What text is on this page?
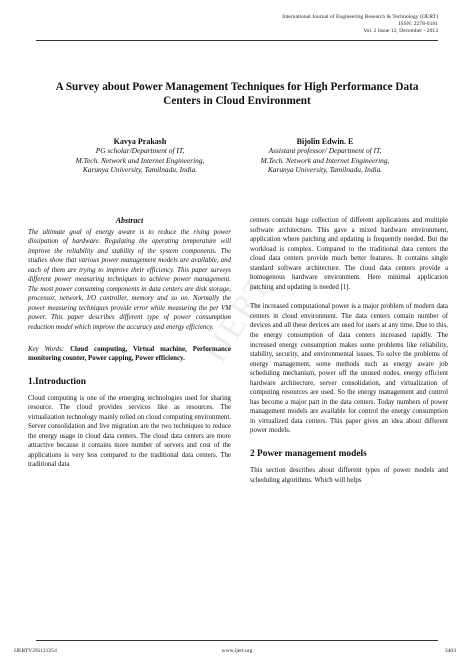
International Journal of Engineering Research & Technology (IJERT)
ISSN: 2278-0181
Vol. 2 Issue 12, December - 2013
A Survey about Power Management Techniques for High Performance Data Centers in Cloud Environment
Kavya Prakash
PG scholar/Department of IT,
M.Tech. Network and Internet Engineering,
Karunya University, Tamilnadu, India.
Bijolin Edwin. E
Assistant professor/ Department of IT,
M.Tech. Network and Internet Engineering,
Karunya University, Tamilnadu, India.
IJERT

Abstract

The ultimate goal of energy aware is to reduce the rising power dissipation of hardware. Regulating the operating temperature will improve the reliability and stability of the system components. The studies show that various power management models are available, and each of them are trying to improve their efficiency. This paper surveys different power measuring techniques to achieve power management. The most power consuming components in data centers are disk storage, processor, network, I/O controller, memory and so on. Normally the power measuring techniques provide error while measuring the per VM power. This paper describes different type of power consumption reduction model which improve the accuracy and energy efficiency.

Key Words: Cloud computing, Virtual machine, Performance monitoring counter, Power capping, Power efficiency.

1.Introduction

Cloud computing is one of the emerging technologies used for sharing resource. The cloud provides services like as resources. The virtualization technology mainly relied on cloud computing environment. Server consolidation and live migration are the two techniques to reduce the energy usage in cloud data centers. The cloud data centers are more attractive because it contains more number of servers and cost of the applications is very less compared to the traditional data centers. The traditional data

centers contain huge collection of different applications and multiple software architecture. This gave a mixed hardware environment, application where patching and updating is frequently needed. But the workload is complex. Compared to the traditional data centers the cloud data centers provide much better features. It contains single standard software architecture. The cloud data centers provide a homogenous hardware environment. Here minimal application patching and updating is needed [1].

The increased computational power is a major problem of modern data centers in cloud environment. The data centers contain number of devices and all these devices are used for users at any time. Due to this, the energy consumption of data centers increased rapidly. The increased energy consumption makes some problems like reliability, stability, security, and environmental issues. To solve the problems of energy management, some methods such as energy aware job scheduling mechanism, power off the unused nodes, energy efficient hardware architecture, server consolidation, and virtualization of computing resources are used. So the energy management and control has become a major part in the data centers. Today numbers of power management models are available for control the energy consumption in virtualized data centers. This paper gives an idea about different power models.

2 Power management models

This section describes about different types of power models and scheduling algorithms. Which will helps

IJERTV2IS121254	www.ijert.org	3403
